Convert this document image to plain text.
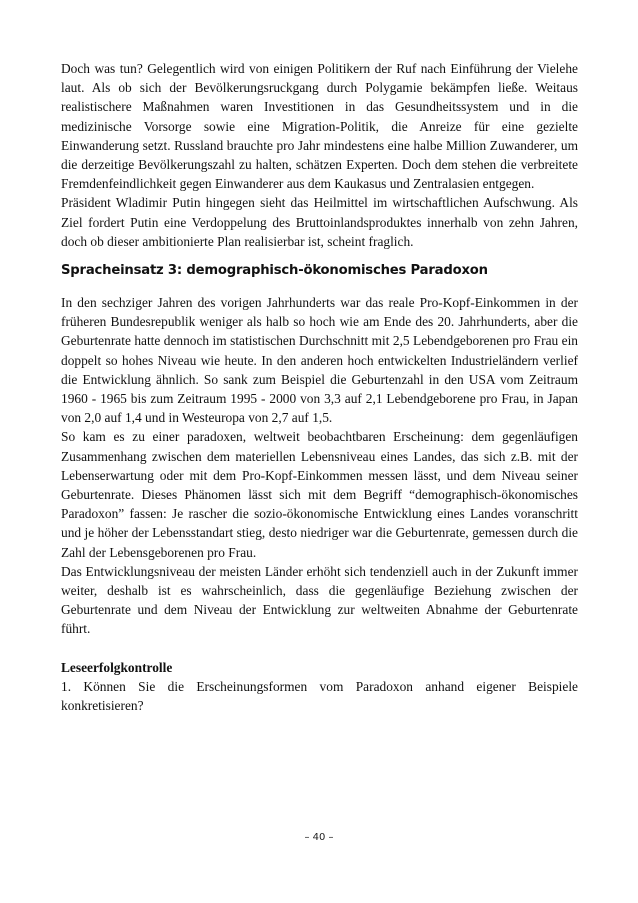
Doch was tun? Gelegentlich wird von einigen Politikern der Ruf nach Einführung der Vielehe laut. Als ob sich der Bevölkerungsruckgang durch Polygamie bekämpfen ließe. Weitaus realistischere Maßnahmen waren Investitionen in das Gesundheitssystem und in die medizinische Vorsorge sowie eine Migration-Politik, die Anreize für eine gezielte Einwanderung setzt. Russland brauchte pro Jahr mindestens eine halbe Million Zuwanderer, um die derzeitige Bevölkerungszahl zu halten, schätzen Experten. Doch dem stehen die verbreitete Fremdenfeindlichkeit gegen Einwanderer aus dem Kaukasus und Zentralasien entgegen.

Präsident Wladimir Putin hingegen sieht das Heilmittel im wirtschaftlichen Aufschwung. Als Ziel fordert Putin eine Verdoppelung des Bruttoinlandsproduktes innerhalb von zehn Jahren, doch ob dieser ambitionierte Plan realisierbar ist, scheint fraglich.

Spracheinsatz 3: demographisch-ökonomisches Paradoxon

In den sechziger Jahren des vorigen Jahrhunderts war das reale Pro-Kopf-Einkommen in der früheren Bundesrepublik weniger als halb so hoch wie am Ende des 20. Jahrhunderts, aber die Geburtenrate hatte dennoch im statistischen Durchschnitt mit 2,5 Lebendgeborenen pro Frau ein doppelt so hohes Niveau wie heute. In den anderen hoch entwickelten Industrieländern verlief die Entwicklung ähnlich. So sank zum Beispiel die Geburtenzahl in den USA vom Zeitraum 1960 - 1965 bis zum Zeitraum 1995 - 2000 von 3,3 auf 2,1 Lebendgeborene pro Frau, in Japan von 2,0 auf 1,4 und in Westeuropa von 2,7 auf 1,5.

So kam es zu einer paradoxen, weltweit beobachtbaren Erscheinung: dem gegenläufigen Zusammenhang zwischen dem materiellen Lebensniveau eines Landes, das sich z.B. mit der Lebenserwartung oder mit dem Pro-Kopf-Einkommen messen lässt, und dem Niveau seiner Geburtenrate. Dieses Phänomen lässt sich mit dem Begriff “demographisch-ökonomisches Paradoxon” fassen: Je rascher die sozio-ökonomische Entwicklung eines Landes voranschritt und je höher der Lebensstandart stieg, desto niedriger war die Geburtenrate, gemessen durch die Zahl der Lebensgeborenen pro Frau.

Das Entwicklungsniveau der meisten Länder erhöht sich tendenziell auch in der Zukunft immer weiter, deshalb ist es wahrscheinlich, dass die gegenläufige Beziehung zwischen der Geburtenrate und dem Niveau der Entwicklung zur weltweiten Abnahme der Geburtenrate führt.

Leseerfolgkontrolle

1. Können Sie die Erscheinungsformen vom Paradoxon anhand eigener Beispiele konkretisieren?

– 40 –
